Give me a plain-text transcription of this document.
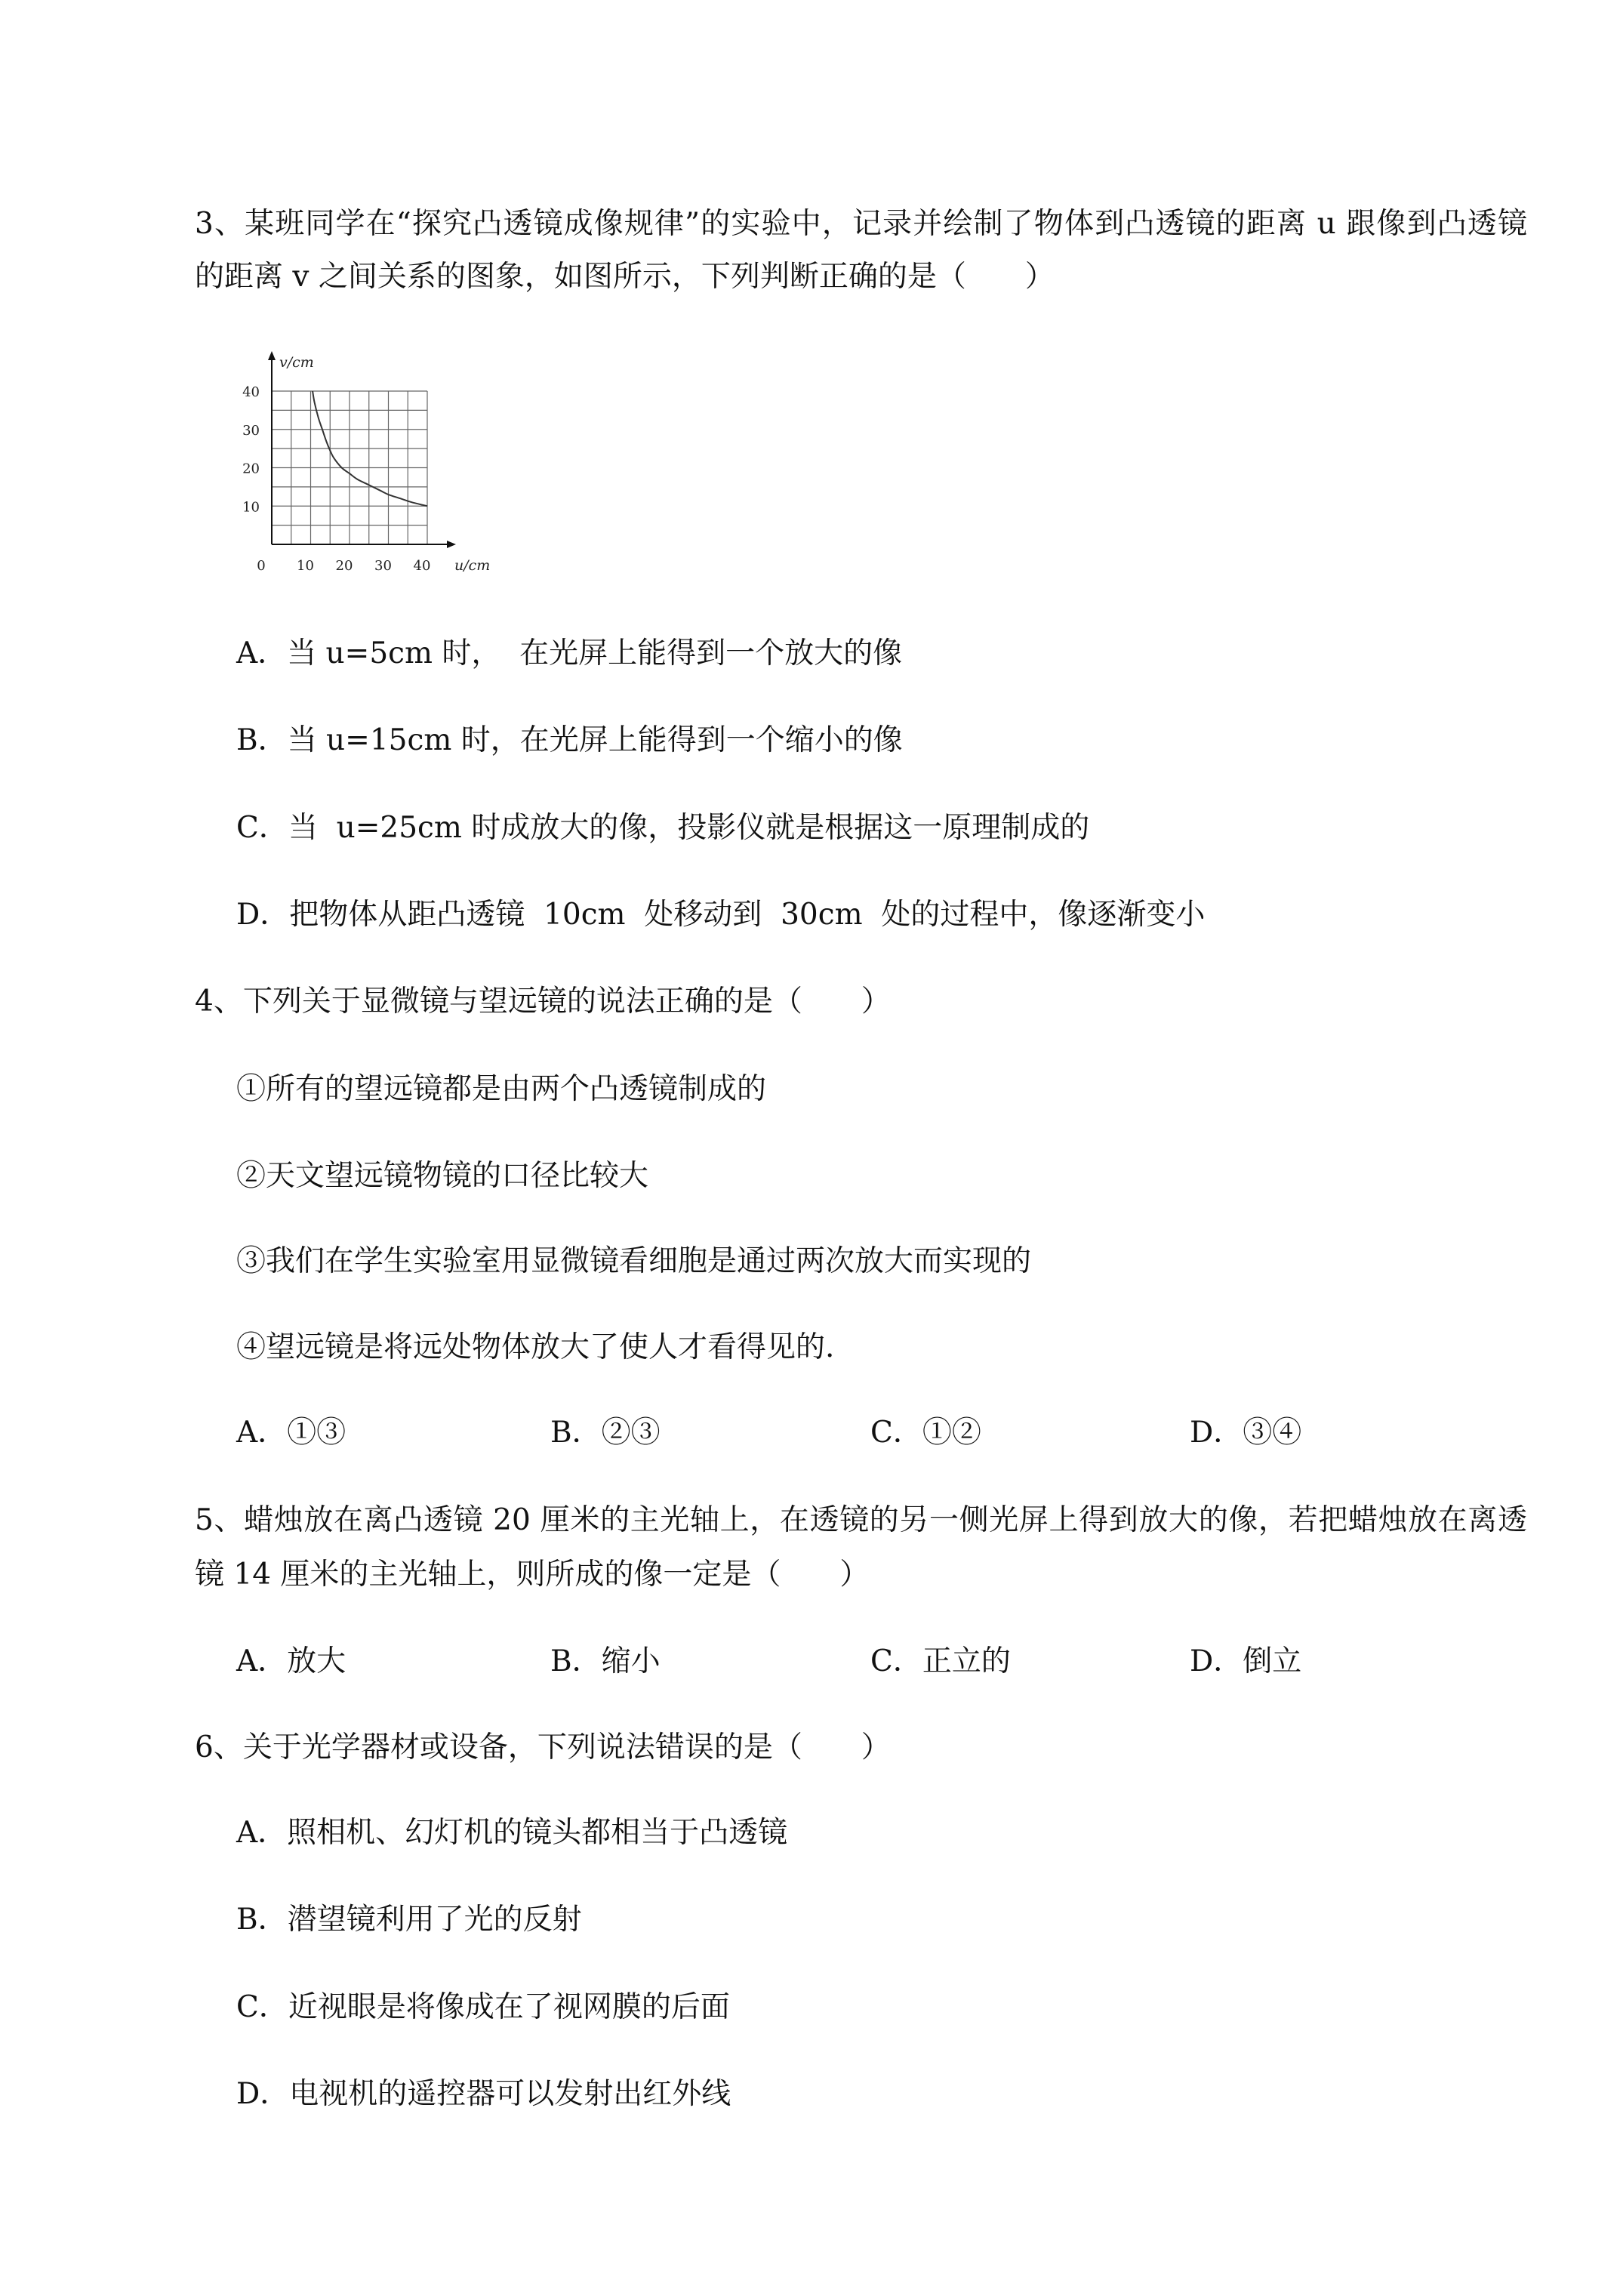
3、某班同学在“探究凸透镜成像规律”的实验中，记录并绘制了物体到凸透镜的距离 u 跟像到凸透镜
的距离 v 之间关系的图象，如图所示，下列判断正确的是（　　）
0 10 20 30 40
10
20
30
40
v/cm
u/cm
A．当 u=5cm 时，  在光屏上能得到一个放大的像
B．当 u=15cm 时，在光屏上能得到一个缩小的像
C．当  u=25cm 时成放大的像，投影仪就是根据这一原理制成的
D．把物体从距凸透镜  10cm  处移动到  30cm  处的过程中，像逐渐变小
4、下列关于显微镜与望远镜的说法正确的是（　　）
①所有的望远镜都是由两个凸透镜制成的
②天文望远镜物镜的口径比较大
③我们在学生实验室用显微镜看细胞是通过两次放大而实现的
④望远镜是将远处物体放大了使人才看得见的.
A．①③	B．②③	C．①②	D．③④
5、蜡烛放在离凸透镜 20 厘米的主光轴上，在透镜的另一侧光屏上得到放大的像，若把蜡烛放在离透
镜 14 厘米的主光轴上，则所成的像一定是（　　）
A．放大	B．缩小	C．正立的	D．倒立
6、关于光学器材或设备，下列说法错误的是（　　）
A．照相机、幻灯机的镜头都相当于凸透镜
B．潜望镜利用了光的反射
C．近视眼是将像成在了视网膜的后面
D．电视机的遥控器可以发射出红外线
